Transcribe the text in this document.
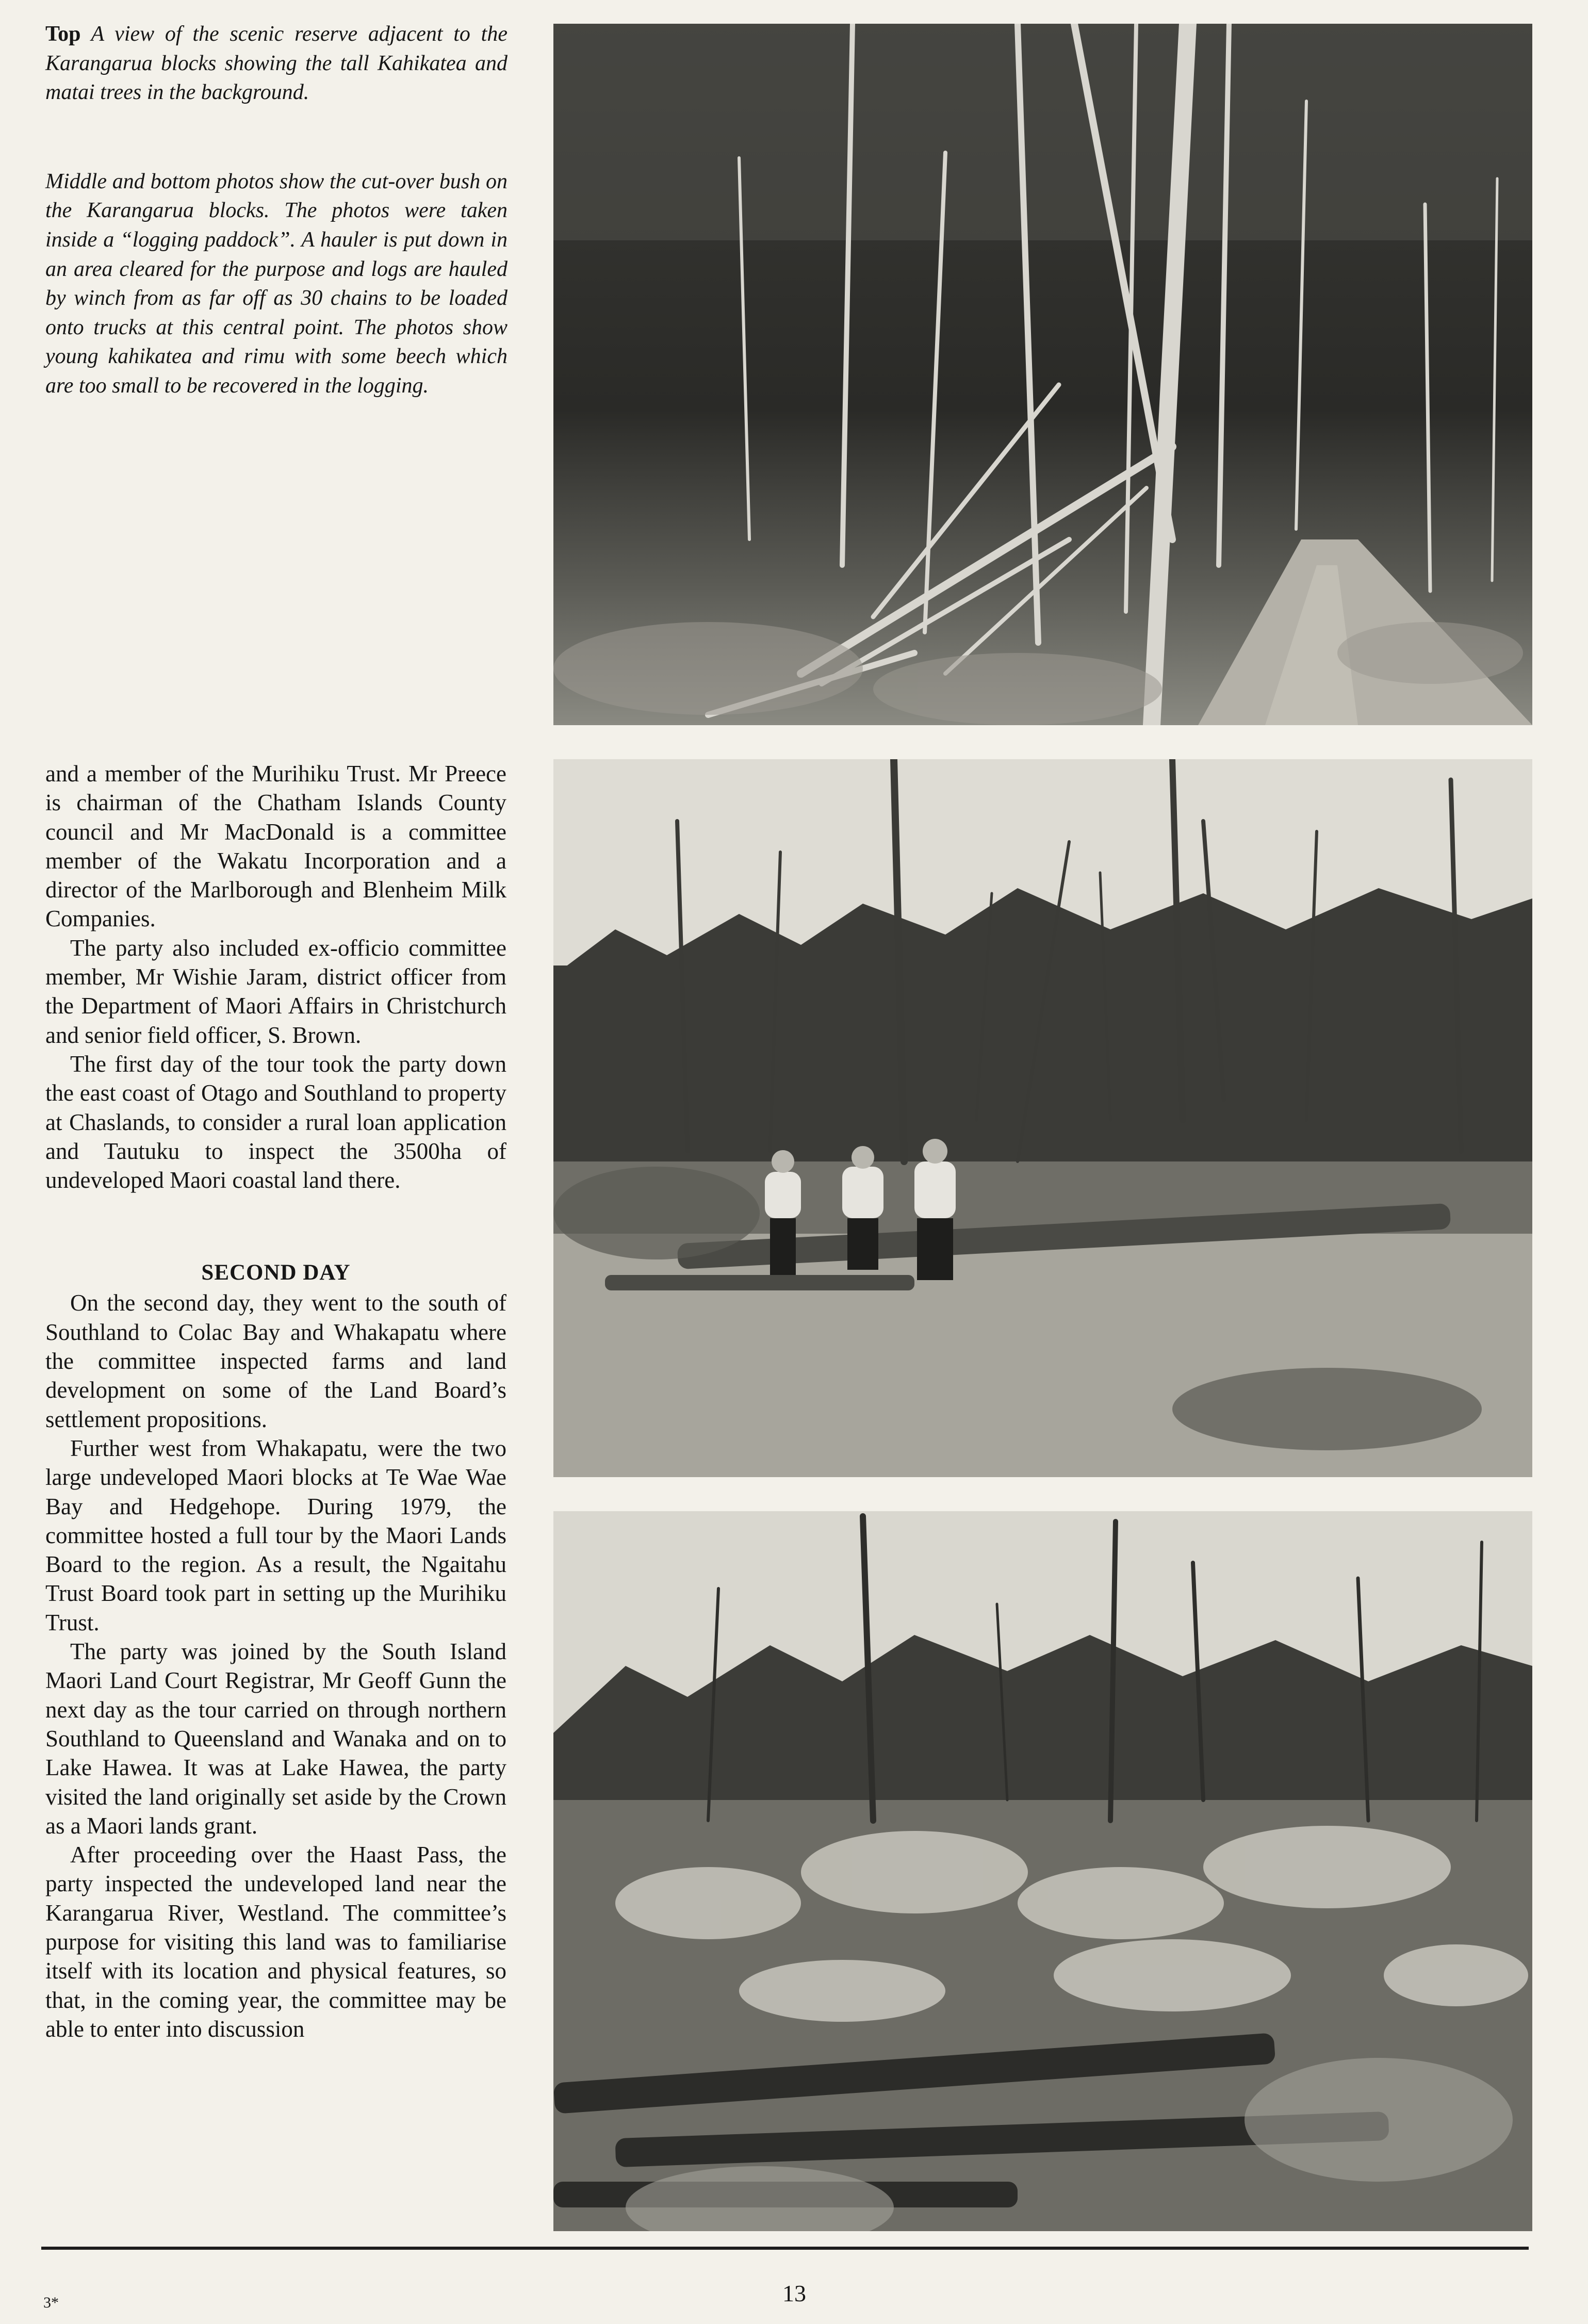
Top A view of the scenic reserve adjacent to the Karangarua blocks showing the tall Kahikatea and matai trees in the background.

Middle and bottom photos show the cut-over bush on the Karangarua blocks. The photos were taken inside a “logging paddock”. A hauler is put down in an area cleared for the purpose and logs are hauled by winch from as far off as 30 chains to be loaded onto trucks at this central point. The photos show young kahikatea and rimu with some beech which are too small to be recovered in the logging.

and a member of the Murihiku Trust. Mr Preece is chairman of the Chatham Islands County council and Mr MacDonald is a committee member of the Wakatu Incorporation and a director of the Marlborough and Blenheim Milk Companies.

The party also included ex-officio committee member, Mr Wishie Jaram, district officer from the Department of Maori Affairs in Christchurch and senior field officer, S. Brown.

The first day of the tour took the party down the east coast of Otago and Southland to property at Chaslands, to consider a rural loan application and Tautuku to inspect the 3500ha of undeveloped Maori coastal land there.

SECOND DAY

On the second day, they went to the south of Southland to Colac Bay and Whakapatu where the committee inspected farms and land development on some of the Land Board’s settlement propositions.

Further west from Whakapatu, were the two large undeveloped Maori blocks at Te Wae Wae Bay and Hedgehope. During 1979, the committee hosted a full tour by the Maori Lands Board to the region. As a result, the Ngaitahu Trust Board took part in setting up the Murihiku Trust.

The party was joined by the South Island Maori Land Court Registrar, Mr Geoff Gunn the next day as the tour carried on through northern Southland to Queensland and Wanaka and on to Lake Hawea. It was at Lake Hawea, the party visited the land originally set aside by the Crown as a Maori lands grant.

After proceeding over the Haast Pass, the party inspected the undeveloped land near the Karangarua River, Westland. The committee’s purpose for visiting this land was to familiarise itself with its location and physical features, so that, in the coming year, the committee may be able to enter into discussion

3*	13
